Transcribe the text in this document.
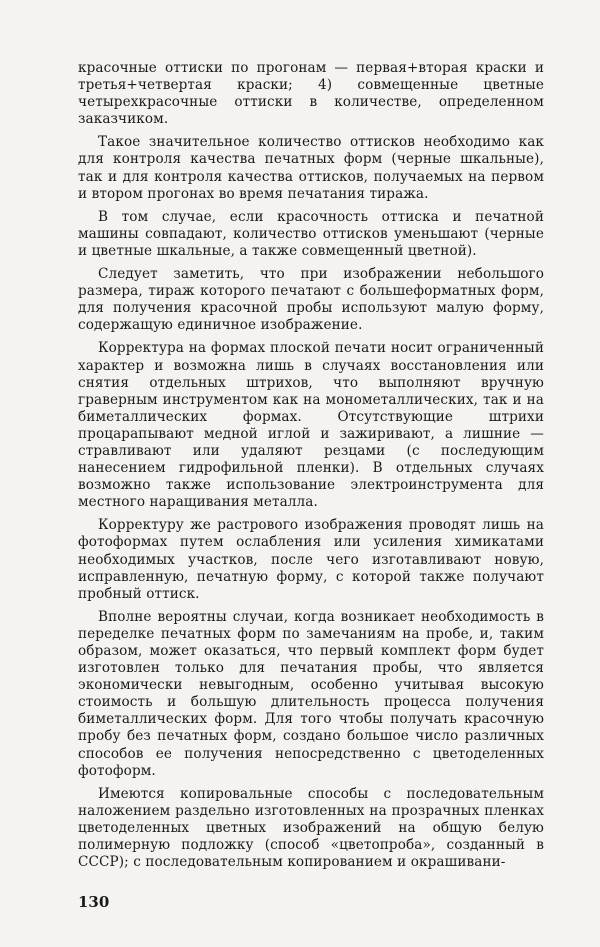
красочные оттиски по прогонам — первая+вторая краски и третья+четвертая краски; 4) совмещенные цветные четырехкрасочные оттиски в количестве, определенном заказчиком.

Такое значительное количество оттисков необходимо как для контроля качества печатных форм (черные шкальные), так и для контроля качества оттисков, получаемых на первом и втором прогонах во время печатания тиража.

В том случае, если красочность оттиска и печатной машины совпадают, количество оттисков уменьшают (черные и цветные шкальные, а также совмещенный цветной).

Следует заметить, что при изображении небольшого размера, тираж которого печатают с большеформатных форм, для получения красочной пробы используют малую форму, содержащую единичное изображение.

Корректура на формах плоской печати носит ограниченный характер и возможна лишь в случаях восстановления или снятия отдельных штрихов, что выполняют вручную граверным инструментом как на монометаллических, так и на биметаллических формах. Отсутствующие штрихи процарапывают медной иглой и зажиривают, а лишние — стравливают или удаляют резцами (с последующим нанесением гидрофильной пленки). В отдельных случаях возможно также использование электроинструмента для местного наращивания металла.

Корректуру же растрового изображения проводят лишь на фотоформах путем ослабления или усиления химикатами необходимых участков, после чего изготавливают новую, исправленную, печатную форму, с которой также получают пробный оттиск.

Вполне вероятны случаи, когда возникает необходимость в переделке печатных форм по замечаниям на пробе, и, таким образом, может оказаться, что первый комплект форм будет изготовлен только для печатания пробы, что является экономически невыгодным, особенно учитывая высокую стоимость и большую длительность процесса получения биметаллических форм. Для того чтобы получать красочную пробу без печатных форм, создано большое число различных способов ее получения непосредственно с цветоделенных фотоформ.

Имеются копировальные способы с последовательным наложением раздельно изготовленных на прозрачных пленках цветоделенных цветных изображений на общую белую полимерную подложку (способ «цветопроба», созданный в СССР); с последовательным копированием и окрашивани-

130
